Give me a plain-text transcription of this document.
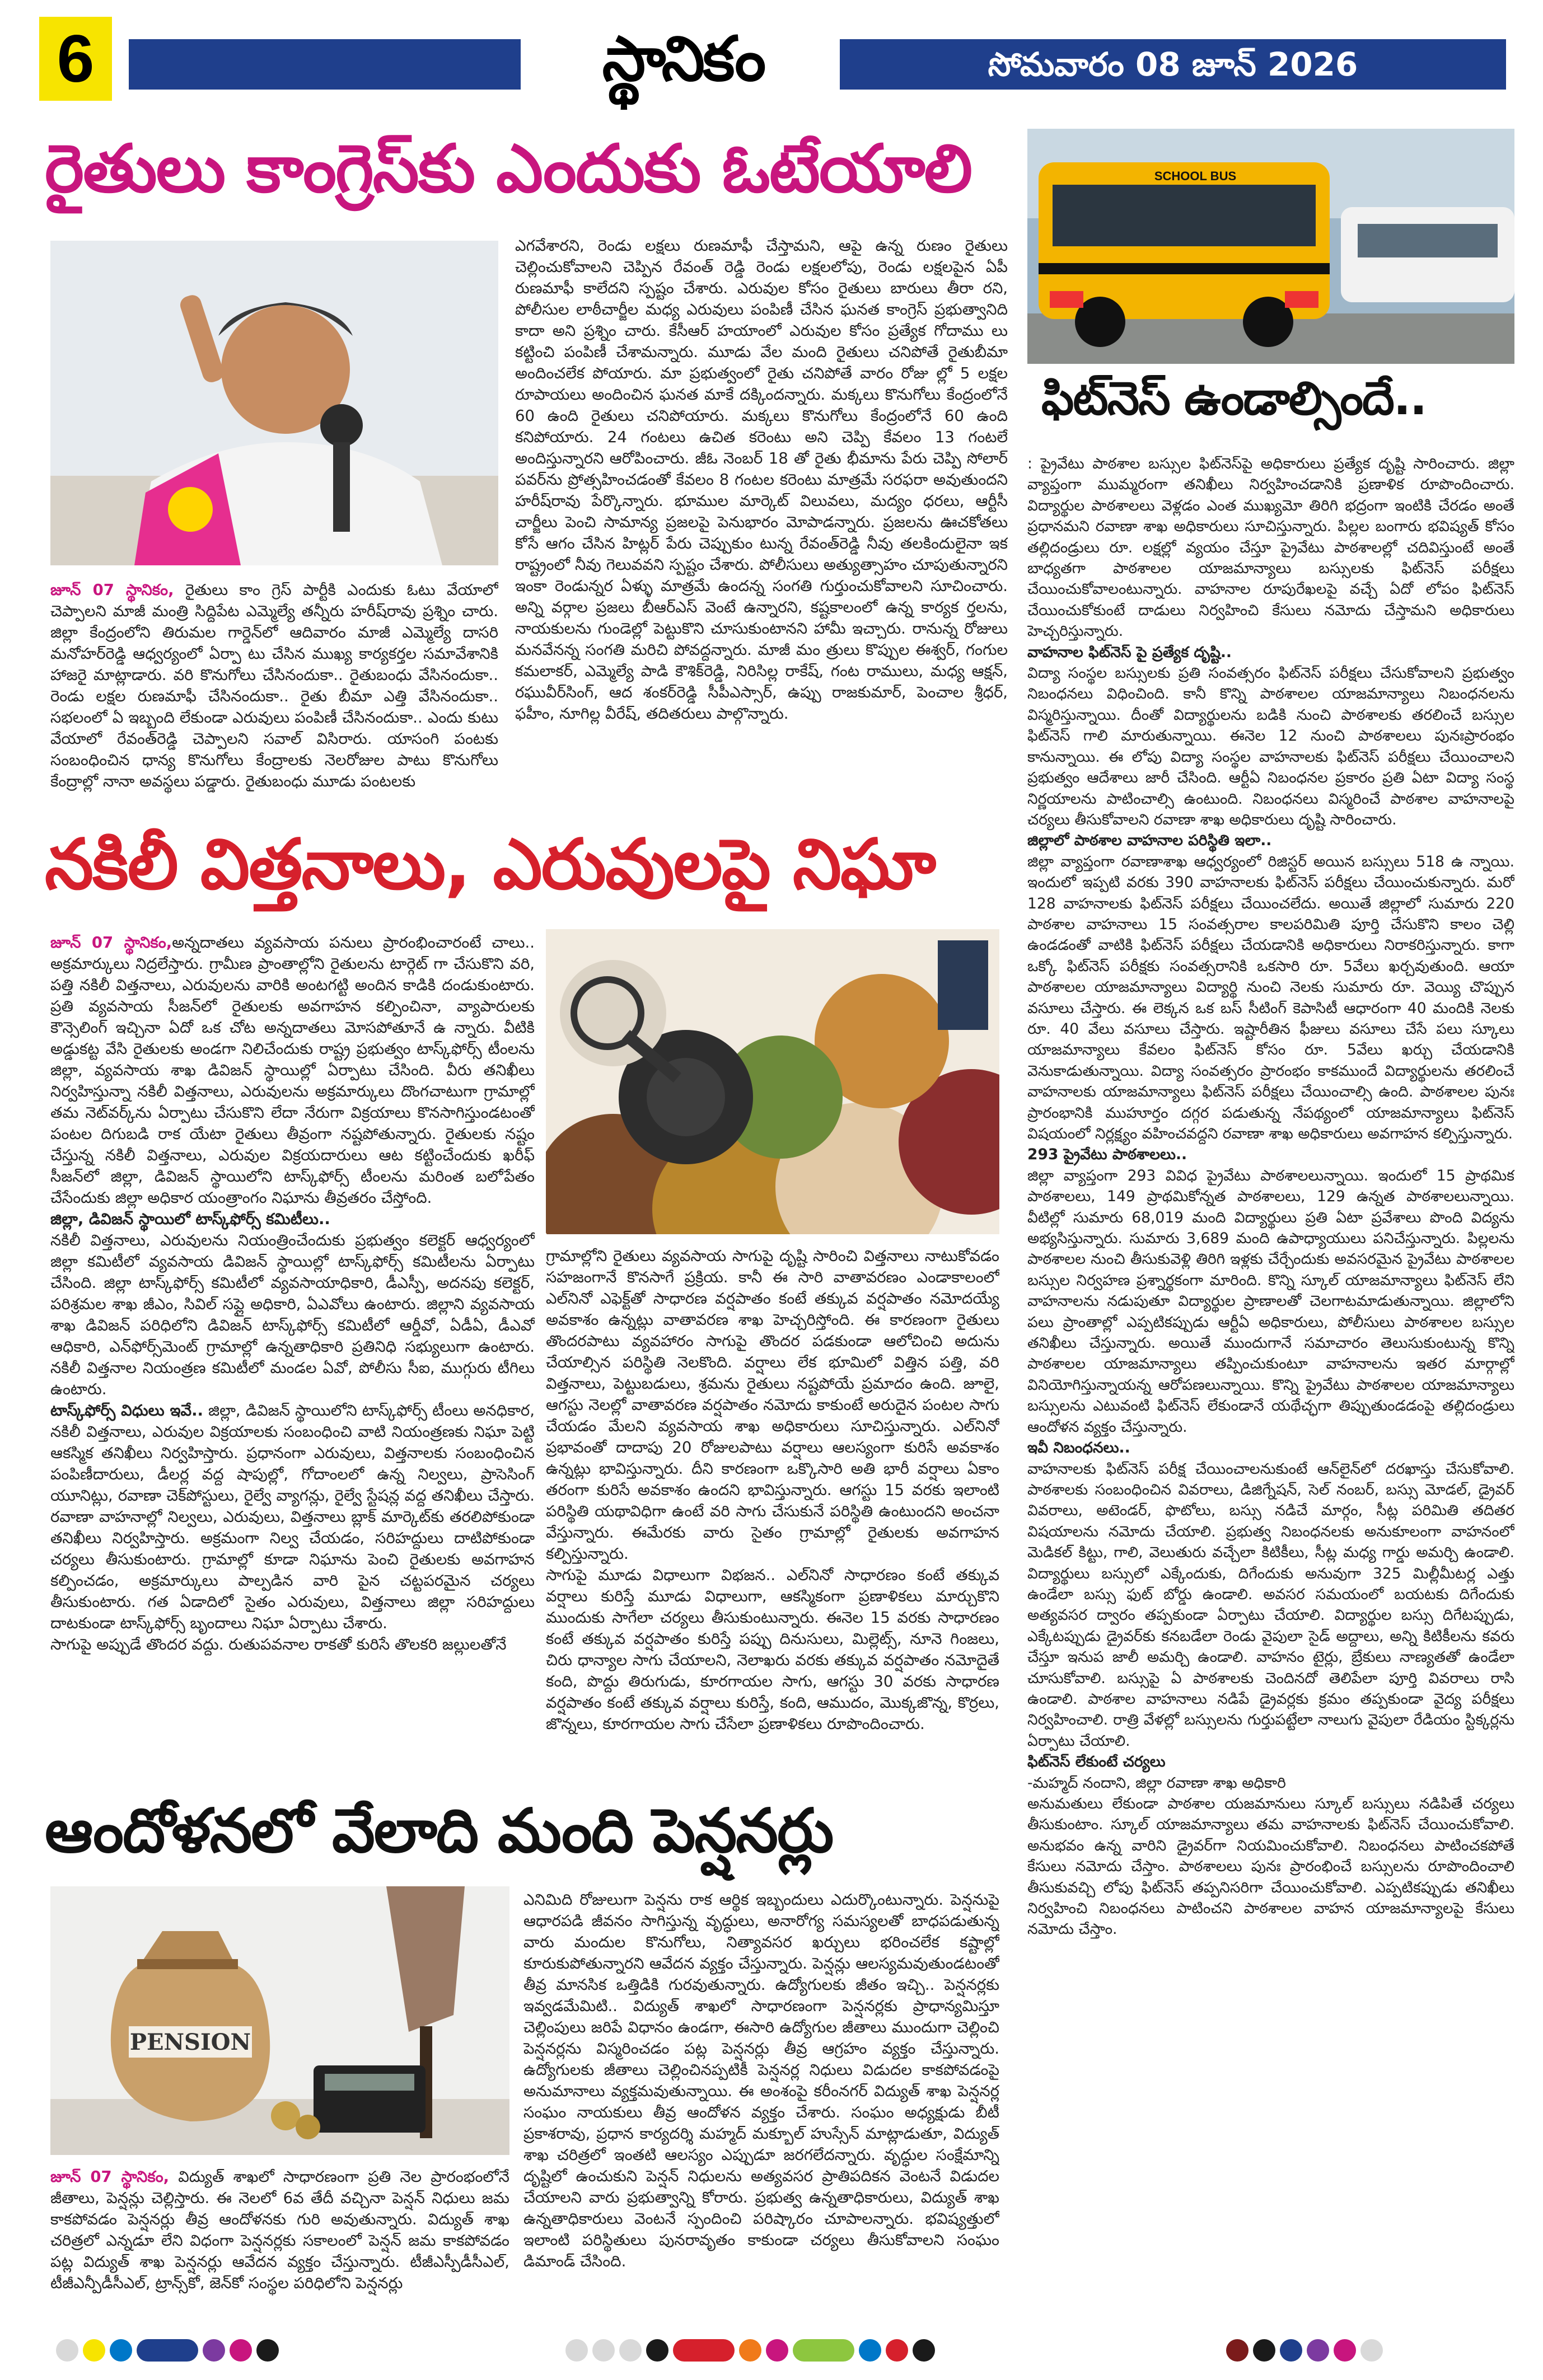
6	స్థానికం	సోమవారం 08 జూన్ 2026
రైతులు కాంగ్రెస్‌కు ఎందుకు ఓటేయాలి

జూన్ 07 స్థానికం, రైతులు కాం గ్రెస్ పార్టీకి ఎందుకు ఓటు వేయాలో చెప్పాలని మాజీ మంత్రి సిద్దిపేట ఎమ్మెల్యే తన్నీరు హరీష్‌రావు ప్రశ్నిం చారు. జిల్లా కేంద్రంలోని తిరుమల గార్డెన్‌లో ఆదివారం మాజీ ఎమ్మెల్యే దాసరి మనోహర్‌రెడ్డి ఆధ్వర్యంలో ఏర్పా టు చేసిన ముఖ్య కార్యకర్తల సమావేశానికి హాజరై మాట్లాడారు. వరి కొనుగోలు చేసినందుకా.. రైతుబంధు వేసినందుకా.. రెండు లక్షల రుణమాఫీ చేసినందుకా.. రైతు బీమా ఎత్తి వేసినందుకా.. సభలంలో ఏ ఇబ్బంది లేకుండా ఎరువులు పంపిణీ చేసినందుకా.. ఎందు కుటు వేయాలో రేవంత్‌రెడ్డి చెప్పాలని సవాల్ విసిరారు. యాసంగి పంటకు సంబంధించిన ధాన్య కొనుగోలు కేంద్రాలకు నెలరోజుల పాటు కొనుగోలు కేంద్రాల్లో నానా అవస్థలు పడ్డారు. రైతుబంధు మూడు పంటలకు

ఎగవేశారని, రెండు లక్షలు రుణమాఫీ చేస్తామని, ఆపై ఉన్న రుణం రైతులు చెల్లించుకోవాలని చెప్పిన రేవంత్ రెడ్డి రెండు లక్షలలోపు, రెండు లక్షలపైన ఏపీ రుణమాఫీ కాలేదని స్పష్టం చేశారు. ఎరువుల కోసం రైతులు బారులు తీరా రని, పోలీసుల లాఠీచార్జీల మధ్య ఎరువులు పంపిణీ చేసిన ఘనత కాంగ్రెస్ ప్రభుత్వానిది కాదా అని ప్రశ్నిం చారు. కేసీఆర్ హయాంలో ఎరువుల కోసం ప్రత్యేక గోదాము లు కట్టించి పంపిణీ చేశామన్నారు. మూడు వేల మంది రైతులు చనిపోతే రైతుబీమా అందించలేక పోయారు. మా ప్రభుత్వంలో రైతు చనిపోతే వారం రోజు ల్లో 5 లక్షల రూపాయలు అందించిన ఘనత మాకే దక్కిందన్నారు. మక్కలు కొనుగోలు కేంద్రంలోనే 60 ఉంది రైతులు చనిపోయారు. మక్కలు కొనుగోలు కేంద్రంలోనే 60 ఉంది కనిపోయారు. 24 గంటలు ఉచిత కరెంటు అని చెప్పి కేవలం 13 గంటలే అందిస్తున్నారని ఆరోపించారు. జీఓ నెంబర్ 18 తో రైతు భీమాను పేరు చెప్పి సోలార్ పవర్‌ను ప్రోత్సహించడంతో కేవలం 8 గంటల కరెంటు మాత్రమే సరఫరా అవుతుందని హరీష్‌రావు పేర్కొన్నారు. భూముల మార్కెట్ విలువలు, మద్యం ధరలు, ఆర్టీసీ చార్జీలు పెంచి సామాన్య ప్రజలపై పెనుభారం మోపాడన్నారు. ప్రజలను ఊచకోతలు కోసే ఆగం చేసిన హిట్లర్ పేరు చెప్పుకుం టున్న రేవంత్‌రెడ్డి నీవు తలకిందులైనా ఇక రాష్ట్రంలో నీవు గెలువవని స్పష్టం చేశారు. పోలీసులు అత్యుత్సాహం చూపుతున్నారని ఇంకా రెండున్నర ఏళ్ళు మాత్రమే ఉందన్న సంగతి గుర్తుంచుకోవాలని సూచించారు. అన్ని వర్గాల ప్రజలు బీఆర్‌ఎస్ వెంటే ఉన్నారని, కష్టకాలంలో ఉన్న కార్యక ర్తలను, నాయకులను గుండెల్లో పెట్టుకొని చూసుకుంటానని హామీ ఇచ్చారు. రానున్న రోజులు మనవేనన్న సంగతి మరిచి పోవద్దన్నారు. మాజీ మం త్రులు కొప్పుల ఈశ్వర్, గంగుల కమలాకర్, ఎమ్మెల్యే పాడి కౌశిక్‌రెడ్డి, నిరిసిల్ల రాకేష్, గంట రాములు, మధ్య ఆక్షన్, రఘువీర్‌సింగ్, ఆద శంకర్‌రెడ్డి సీపీఎస్సార్, ఉప్పు రాజకుమార్, పెంచాల శ్రీధర్, ఫహీం, నూగిల్ల వీరేష్, తదితరులు పాల్గొన్నారు.

SCHOOL BUS
ఫిట్‌నెస్ ఉండాల్సిందే..

: ప్రైవేటు పాఠశాల బస్సుల ఫిట్‌నెస్‌పై అధికారులు ప్రత్యేక దృష్టి సారించారు. జిల్లా వ్యాప్తంగా ముమ్మరంగా తనిఖీలు నిర్వహించడానికి ప్రణాళిక రూపొందించారు. విద్యార్థుల పాఠశాలలు వెళ్లడం ఎంత ముఖ్యమో తిరిగి భద్రంగా ఇంటికి చేరడం అంతే ప్రధానమని రవాణా శాఖ అధికారులు సూచిస్తున్నారు. పిల్లల బంగారు భవిష్యత్ కోసం తల్లిదండ్రులు రూ. లక్షల్లో వ్యయం చేస్తూ ప్రైవేటు పాఠశాలల్లో చదివిస్తుంటే అంతే బాధ్యతగా పాఠశాలల యాజమాన్యాలు బస్సులకు ఫిట్‌నెస్ పరీక్షలు చేయించుకోవాలంటున్నారు. వాహనాల రూపురేఖలపై వచ్చే ఏదో లోపం ఫిట్‌నెస్ చేయించుకోకుంటే దాడులు నిర్వహించి కేసులు నమోదు చేస్తామని అధికారులు హెచ్చరిస్తున్నారు.

వాహనాల ఫిట్‌నెస్ పై ప్రత్యేక దృష్టి..

విద్యా సంస్థల బస్సులకు ప్రతి సంవత్సరం ఫిట్‌నెస్ పరీక్షలు చేసుకోవాలని ప్రభుత్వం నిబంధనలు విధించింది. కానీ కొన్ని పాఠశాలల యాజమాన్యాలు నిబంధనలను విస్మరిస్తున్నాయి. దీంతో విద్యార్థులను బడికి నుంచి పాఠశాలకు తరలించే బస్సుల ఫిట్‌నెస్ గాలి మారుతున్నాయి. ఈనెల 12 నుంచి పాఠశాలలు పునఃప్రారంభం కానున్నాయి. ఈ లోపు విద్యా సంస్థల వాహనాలకు ఫిట్‌నెస్ పరీక్షలు చేయించాలని ప్రభుత్వం ఆదేశాలు జారీ చేసింది. ఆర్టీఏ నిబంధనల ప్రకారం ప్రతి ఏటా విద్యా సంస్థ నిర్ణయాలను పాటించాల్సి ఉంటుంది. నిబంధనలు విస్మరించే పాఠశాల వాహనాలపై చర్యలు తీసుకోవాలని రవాణా శాఖ అధికారులు దృష్టి సారించారు.

జిల్లాలో పాఠశాల వాహనాల పరిస్థితి ఇలా..

జిల్లా వ్యాప్తంగా రవాణాశాఖ ఆధ్వర్యంలో రిజిస్టర్ అయిన బస్సులు 518 ఉ న్నాయి. ఇందులో ఇప్పటి వరకు 390 వాహనాలకు ఫిట్‌నెస్ పరీక్షలు చేయించుకున్నారు. మరో 128 వాహనాలకు ఫిట్‌నెస్ పరీక్షలు చేయించలేదు. అయితే జిల్లాలో సుమారు 220 పాఠశాల వాహనాలు 15 సంవత్సరాల కాలపరిమితి పూర్తి చేసుకొని కాలం చెల్లి ఉండడంతో వాటికి ఫిట్‌నెస్ పరీక్షలు చేయడానికి అధికారులు నిరాకరిస్తున్నారు. కాగా ఒక్కో ఫిట్‌నెస్ పరీక్షకు సంవత్సరానికి ఒకసారి రూ. 5వేలు ఖర్చవుతుంది. ఆయా పాఠశాలల యాజమాన్యాలు విద్యార్థి నుంచి నెలకు సుమారు రూ. వెయ్యి చొప్పున వసూలు చేస్తారు. ఈ లెక్కన ఒక బస్ సీటింగ్ కెపాసిటీ ఆధారంగా 40 మందికి నెలకు రూ. 40 వేలు వసూలు చేస్తారు. ఇష్టారీతిన ఫీజులు వసూలు చేసే పలు స్కూలు యాజమాన్యాలు కేవలం ఫిట్‌నెస్ కోసం రూ. 5వేలు ఖర్చు చేయడానికి వెనుకాడుతున్నాయి. విద్యా సంవత్సరం ప్రారంభం కాకముందే విద్యార్థులను తరలించే వాహనాలకు యాజమాన్యాలు ఫిట్‌నెస్ పరీక్షలు చేయించాల్సి ఉంది. పాఠశాలల పునః ప్రారంభానికి ముహూర్తం దగ్గర పడుతున్న నేపథ్యంలో యాజమాన్యాలు ఫిట్‌నెస్ విషయంలో నిర్లక్ష్యం వహించవద్దని రవాణా శాఖ అధికారులు అవగాహన కల్పిస్తున్నారు.

293 ప్రైవేటు పాఠశాలలు..

జిల్లా వ్యాప్తంగా 293 వివిధ ప్రైవేటు పాఠశాలలున్నాయి. ఇందులో 15 ప్రాథమిక పాఠశాలలు, 149 ప్రాథమికోన్నత పాఠశాలలు, 129 ఉన్నత పాఠశాలలున్నాయి. వీటిల్లో సుమారు 68,019 మంది విద్యార్థులు ప్రతి ఏటా ప్రవేశాలు పొంది విద్యను అభ్యసిస్తున్నారు. సుమారు 3,689 మంది ఉపాధ్యాయులు పనిచేస్తున్నారు. పిల్లలను పాఠశాలల నుంచి తీసుకువెళ్లి తిరిగి ఇళ్లకు చేర్చేందుకు అవసరమైన ప్రైవేటు పాఠశాలల బస్సుల నిర్వహణ ప్రశ్నార్థకంగా మారింది. కొన్ని స్కూల్ యాజమాన్యాలు ఫిట్‌నెస్ లేని వాహనాలను నడుపుతూ విద్యార్థుల ప్రాణాలతో చెలగాటమాడుతున్నాయి. జిల్లాలోని పలు ప్రాంతాల్లో ఎప్పటికప్పుడు ఆర్టీఏ అధికారులు, పోలీసులు పాఠశాలల బస్సుల తనిఖీలు చేస్తున్నారు. అయితే ముందుగానే సమాచారం తెలుసుకుంటున్న కొన్ని పాఠశాలల యాజమాన్యాలు తప్పించుకుంటూ వాహనాలను ఇతర మార్గాల్లో వినియోగిస్తున్నాయన్న ఆరోపణలున్నాయి. కొన్ని ప్రైవేటు పాఠశాలల యాజమాన్యాలు బస్సులను ఎటువంటి ఫిట్‌నెస్ లేకుండానే యథేచ్ఛగా తిప్పుతుండడంపై తల్లిదండ్రులు ఆందోళన వ్యక్తం చేస్తున్నారు.

ఇవీ నిబంధనలు..

వాహనాలకు ఫిట్‌నెస్ పరీక్ష చేయించాలనుకుంటే ఆన్‌లైన్‌లో దరఖాస్తు చేసుకోవాలి. పాఠశాలకు సంబంధించిన వివరాలు, డిజిగ్నేషన్, సెల్ నంబర్, బస్సు మోడల్, డ్రైవర్ వివరాలు, అటెండర్, ఫొటోలు, బస్సు నడిచే మార్గం, సీట్ల పరిమితి తదితర విషయాలను నమోదు చేయాలి. ప్రభుత్వ నిబంధనలకు అనుకూలంగా వాహనంలో మెడికల్ కిట్టు, గాలి, వెలుతురు వచ్చేలా కిటికీలు, సీట్ల మధ్య గార్డు అమర్చి ఉండాలి. విద్యార్థులు బస్సులో ఎక్కేందుకు, దిగేందుకు అనువుగా 325 మిల్లీమీటర్ల ఎత్తు ఉండేలా బస్సు ఫుట్ బోర్డు ఉండాలి. అవసర సమయంలో బయటకు దిగేందుకు అత్యవసర ద్వారం తప్పకుండా ఏర్పాటు చేయాలి. విద్యార్థుల బస్సు దిగేటప్పుడు, ఎక్కేటప్పుడు డ్రైవర్‌కు కనబడేలా రెండు వైపులా సైడ్ అద్దాలు, అన్ని కిటికీలను కవరు చేస్తూ ఇనుప జాలీ అమర్చి ఉండాలి. వాహనం టైర్లు, బ్రేకులు నాణ్యతతో ఉండేలా చూసుకోవాలి. బస్సుపై ఏ పాఠశాలకు చెందినదో తెలిపేలా పూర్తి వివరాలు రాసి ఉండాలి. పాఠశాల వాహనాలు నడిపే డ్రైవర్లకు క్రమం తప్పకుండా వైద్య పరీక్షలు నిర్వహించాలి. రాత్రి వేళల్లో బస్సులను గుర్తుపట్టేలా నాలుగు వైపులా రేడియం స్టిక్కర్లను ఏర్పాటు చేయాలి.

ఫిట్‌నెస్ లేకుంటే చర్యలు

-మహ్మద్ నందాని, జిల్లా రవాణా శాఖ అధికారి

అనుమతులు లేకుండా పాఠశాల యజమానులు స్కూల్ బస్సులు నడిపితే చర్యలు తీసుకుంటాం. స్కూల్ యాజమాన్యాలు తమ వాహనాలకు ఫిట్‌నెస్ చేయించుకోవాలి. అనుభవం ఉన్న వారిని డ్రైవర్‌గా నియమించుకోవాలి. నిబంధనలు పాటించకపోతే కేసులు నమోదు చేస్తాం. పాఠశాలలు పునః ప్రారంభించే బస్సులను రూపొందించాలి తీసుకువచ్చి లోపు ఫిట్‌నెస్ తప్పనిసరిగా చేయించుకోవాలి. ఎప్పటికప్పుడు తనిఖీలు నిర్వహించి నిబంధనలు పాటించని పాఠశాలల వాహన యాజమాన్యాలపై కేసులు నమోదు చేస్తాం.

నకిలీ విత్తనాలు, ఎరువులపై నిఘా

జూన్ 07 స్థానికం,అన్నదాతలు వ్యవసాయ పనులు ప్రారంభించారంటే చాలు.. అక్రమార్కులు నిద్రలేస్తారు. గ్రామీణ ప్రాంతాల్లోని రైతులను టార్గెట్ గా చేసుకొని వరి, పత్తి నకిలీ విత్తనాలు, ఎరువులను వారికి అంటగట్టి అందిన కాడికి దండుకుంటారు. ప్రతి వ్యవసాయ సీజన్‌లో రైతులకు అవగాహన కల్పించినా, వ్యాపారులకు కౌన్సెలింగ్ ఇచ్చినా ఏదో ఒక చోట అన్నదాతలు మోసపోతూనే ఉ న్నారు. వీటికి అడ్డుకట్ట వేసి రైతులకు అండగా నిలిచేందుకు రాష్ట్ర ప్రభుత్వం టాస్క్‌ఫోర్స్ టీంలను జిల్లా, వ్యవసాయ శాఖ డివిజన్ స్థాయిల్లో ఏర్పాటు చేసింది. వీరు తనిఖీలు నిర్వహిస్తున్నా నకిలీ విత్తనాలు, ఎరువులను అక్రమార్కులు దొంగచాటుగా గ్రామాల్లో తమ నెట్‌వర్క్‌ను ఏర్పాటు చేసుకొని లేదా నేరుగా విక్రయాలు కొనసాగిస్తుండటంతో పంటల దిగుబడి రాక యేటా రైతులు తీవ్రంగా నష్టపోతున్నారు. రైతులకు నష్టం చేస్తున్న నకిలీ విత్తనాలు, ఎరువుల విక్రయదారులు ఆట కట్టించేందుకు ఖరీఫ్ సీజన్‌లో జిల్లా, డివిజన్ స్థాయిలోని టాస్క్‌ఫోర్స్ టీంలను మరింత బలోపేతం చేసేందుకు జిల్లా అధికార యంత్రాంగం నిఘాను తీవ్రతరం చేస్తోంది.

జిల్లా, డివిజన్ స్థాయిలో టాస్క్‌ఫోర్స్ కమిటీలు..

నకిలీ విత్తనాలు, ఎరువులను నియంత్రించేందుకు ప్రభుత్వం కలెక్టర్ ఆధ్వర్యంలో జిల్లా కమిటీలో వ్యవసాయ డివిజన్ స్థాయిల్లో టాస్క్‌ఫోర్స్ కమిటీలను ఏర్పాటు చేసింది. జిల్లా టాస్క్‌ఫోర్స్ కమిటీలో వ్యవసాయాధికారి, డీఎస్పీ, అదనపు కలెక్టర్, పరిశ్రమల శాఖ జీఎం, సివిల్ సప్లై అధికారి, ఏఎవోలు ఉంటారు. జిల్లాని వ్యవసాయ శాఖ డివిజన్ పరిధిలోని డివిజన్ టాస్క్‌ఫోర్స్ కమిటీలో ఆర్డీవో, ఏడీఏ, డీఎవో ఆధికారి, ఎన్‌ఫోర్స్‌మెంట్ గ్రామాల్లో ఉన్నతాధికారి ప్రతినిధి సభ్యులుగా ఉంటారు. నకిలీ విత్తనాల నియంత్రణ కమిటీలో మండల ఏవో, పోలీసు సీఐ, ముగ్గురు టీ‌గిలు ఉంటారు.

టాస్క్‌ఫోర్స్ విధులు ఇవే.. జిల్లా, డివిజన్ స్థాయిలోని టాస్క్‌ఫోర్స్ టీంలు అనధికార, నకిలీ విత్తనాలు, ఎరువుల విక్రయాలకు సంబంధించి వాటి నియంత్రణకు నిఘా పెట్టి ఆకస్మిక తనిఖీలు నిర్వహిస్తారు. ప్రధానంగా ఎరువులు, విత్తనాలకు సంబంధించిన పంపిణీదారులు, డీలర్ల వద్ద షాపుల్లో, గోదాంలలో ఉన్న నిల్వలు, ప్రాసెసింగ్ యూనిట్లు, రవాణా చెక్‌పోస్టులు, రైల్వే వ్యాగన్లు, రైల్వే స్టేషన్ల వద్ద తనిఖీలు చేస్తారు. రవాణా వాహనాల్లో నిల్వలు, ఎరువులు, విత్తనాలు బ్లాక్ మార్కెట్‌కు తరలిపోకుండా తనిఖీలు నిర్వహిస్తారు. అక్రమంగా నిల్వ చేయడం, సరిహద్దులు దాటిపోకుండా చర్యలు తీసుకుంటారు. గ్రామాల్లో కూడా నిఘాను పెంచి రైతులకు అవగాహన కల్పించడం, అక్రమార్కులు పాల్పడిన వారి పైన చట్టపరమైన చర్యలు తీసుకుంటారు. గత ఏడాదిలో సైతం ఎరువులు, విత్తనాలు జిల్లా సరిహద్దులు దాటకుండా టాస్క్‌ఫోర్స్ బృందాలు నిఘా ఏర్పాటు చేశారు.

సాగుపై అప్పుడే తొందర వద్దు. రుతుపవనాల రాకతో కురిసే తొలకరి జల్లులతోనే

గ్రామాల్లోని రైతులు వ్యవసాయ సాగుపై దృష్టి సారించి విత్తనాలు నాటుకోవడం సహజంగానే కొనసాగే ప్రక్రియ. కానీ ఈ సారి వాతావరణం ఎండాకాలంలో ఎల్‌నినో ఎఫెక్ట్‌తో సాధారణ వర్షపాతం కంటే తక్కువ వర్షపాతం నమోదయ్యే అవకాశం ఉన్నట్లు వాతావరణ శాఖ హెచ్చరిస్తోంది. ఈ కారణంగా రైతులు తొందరపాటు వ్యవహారం సాగుపై తొందర పడకుండా ఆలోచించి అదును చేయాల్సిన పరిస్థితి నెలకొంది. వర్షాలు లేక భూమిలో విత్తిన పత్తి, వరి విత్తనాలు, పెట్టుబడులు, శ్రమను రైతులు నష్టపోయే ప్రమాదం ఉంది. జూలై, ఆగస్టు నెలల్లో వాతావరణ వర్షపాతం నమోదు కాకుంటే అరుదైన పంటల సాగు చేయడం మేలని వ్యవసాయ శాఖ అధికారులు సూచిస్తున్నారు. ఎల్‌నినో ప్రభావంతో దాదాపు 20 రోజులపాటు వర్షాలు ఆలస్యంగా కురిసే అవకాశం ఉన్నట్లు భావిస్తున్నారు. దీని కారణంగా ఒక్కొసారి అతి భారీ వర్షాలు ఏకాం తరంగా కురిసే అవకాశం ఉందని భావిస్తున్నారు. ఆగస్టు 15 వరకు ఇలాంటి పరిస్థితి యథావిధిగా ఉంటే వరి సాగు చేసుకునే పరిస్థితి ఉంటుందని అంచనా వేస్తున్నారు. ఈమేరకు వారు సైతం గ్రామాల్లో రైతులకు అవగాహన కల్పిస్తున్నారు.

సాగుపై మూడు విధాలుగా విభజన.. ఎల్‌నినో సాధారణం కంటే తక్కువ వర్షాలు కురిస్తే మూడు విధాలుగా, ఆకస్మికంగా ప్రణాళికలు మార్చుకొని ముందుకు సాగేలా చర్యలు తీసుకుంటున్నారు. ఈనెల 15 వరకు సాధారణం కంటే తక్కువ వర్షపాతం కురిస్తే పప్పు దినుసులు, మిల్లెట్స్, నూనె గింజలు, చిరు ధాన్యాల సాగు చేయాలని, నెలాఖరు వరకు తక్కువ వర్షపాతం నమోదైతే కంది, పొద్దు తిరుగుడు, కూరగాయల సాగు, ఆగస్టు 30 వరకు సాధారణ వర్షపాతం కంటే తక్కువ వర్షాలు కురిస్తే, కంది, ఆముదం, మొక్కజొన్న, కొర్రలు, జొన్నలు, కూరగాయల సాగు చేసేలా ప్రణాళికలు రూపొందించారు.

ఆందోళనలో వేలాది మంది పెన్షనర్లు
PENSION

జూన్ 07 స్థానికం, విద్యుత్ శాఖలో సాధారణంగా ప్రతి నెల ప్రారంభంలోనే జీతాలు, పెన్షన్లు చెల్లిస్తారు. ఈ నెలలో 6వ తేదీ వచ్చినా పెన్షన్ నిధులు జమ కాకపోవడం పెన్షనర్లు తీవ్ర ఆందోళనకు గురి అవుతున్నారు. విద్యుత్ శాఖ చరిత్రలో ఎన్నడూ లేని విధంగా పెన్షనర్లకు సకాలంలో పెన్షన్ జమ కాకపోవడం పట్ల విద్యుత్ శాఖ పెన్షనర్లు ఆవేదన వ్యక్తం చేస్తున్నారు. టీజీఎస్పీడీసీఎల్, టీజీఎన్పీడీసీఎల్, ట్రాన్స్‌కో, జెన్‌కో సంస్థల పరిధిలోని పెన్షనర్లు

ఎనిమిది రోజులుగా పెన్షను రాక ఆర్థిక ఇబ్బందులు ఎదుర్కొంటున్నారు. పెన్షనుపై ఆధారపడి జీవనం సాగిస్తున్న వృద్ధులు, అనారోగ్య సమస్యలతో బాధపడుతున్న వారు మందుల కొనుగోలు, నిత్యావసర ఖర్చులు భరించలేక కష్టాల్లో కూరుకుపోతున్నారని ఆవేదన వ్యక్తం చేస్తున్నారు. పెన్షన్లు ఆలస్యమవుతుండటంతో తీవ్ర మానసిక ఒత్తిడికి గురవుతున్నారు. ఉద్యోగులకు జీతం ఇచ్చి.. పెన్షనర్లకు ఇవ్వడమేమిటి.. విద్యుత్ శాఖలో సాధారణంగా పెన్షనర్లకు ప్రాధాన్యమిస్తూ చెల్లింపులు జరిపే విధానం ఉండగా, ఈసారి ఉద్యోగుల జీతాలు ముందుగా చెల్లించి పెన్షనర్లను విస్మరించడం పట్ల పెన్షనర్లు తీవ్ర ఆగ్రహం వ్యక్తం చేస్తున్నారు. ఉద్యోగులకు జీతాలు చెల్లించినప్పటికీ పెన్షనర్ల నిధులు విడుదల కాకపోవడంపై అనుమానాలు వ్యక్తమవుతున్నాయి. ఈ అంశంపై కరీంనగర్ విద్యుత్ శాఖ పెన్షనర్ల సంఘం నాయకులు తీవ్ర ఆందోళన వ్యక్తం చేశారు. సంఘం అధ్యక్షుడు బీటీ ప్రకాశరావు, ప్రధాన కార్యదర్శి మహ్మద్ మక్బూల్ హుస్సేన్ మాట్లాడుతూ, విద్యుత్ శాఖ చరిత్రలో ఇంతటి ఆలస్యం ఎప్పుడూ జరగలేదన్నారు. వృద్ధుల సంక్షేమాన్ని దృష్టిలో ఉంచుకుని పెన్షన్ నిధులను అత్యవసర ప్రాతిపదికన వెంటనే విడుదల చేయాలని వారు ప్రభుత్వాన్ని కోరారు. ప్రభుత్వ ఉన్నతాధికారులు, విద్యుత్ శాఖ ఉన్నతాధికారులు వెంటనే స్పందించి పరిష్కారం చూపాలన్నారు. భవిష్యత్తులో ఇలాంటి పరిస్థితులు పునరావృతం కాకుండా చర్యలు తీసుకోవాలని సంఘం డిమాండ్ చేసింది.
